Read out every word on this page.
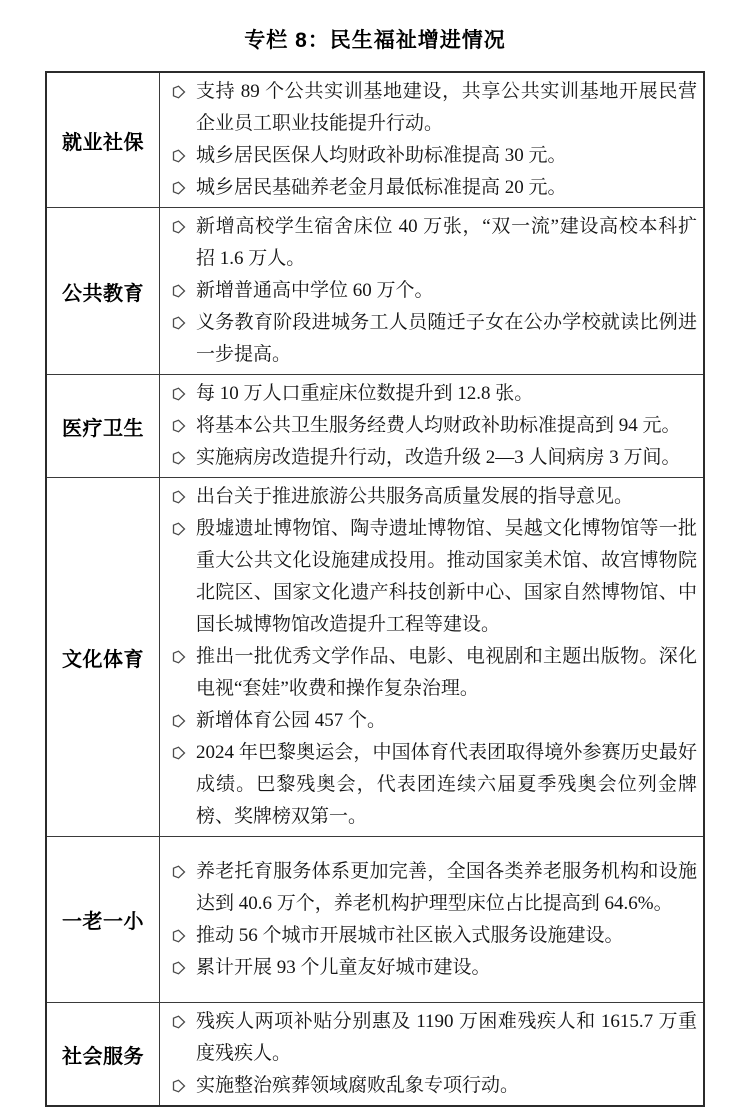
专栏 8：民生福祉增进情况
就业社保	支持 89 个公共实训基地建设，共享公共实训基地开展民营企业员工职业技能提升行动。
城乡居民医保人均财政补助标准提高 30 元。
城乡居民基础养老金月最低标准提高 20 元。

公共教育	新增高校学生宿舍床位 40 万张，“双一流”建设高校本科扩招 1.6 万人。
新增普通高中学位 60 万个。
义务教育阶段进城务工人员随迁子女在公办学校就读比例进一步提高。

医疗卫生	每 10 万人口重症床位数提升到 12.8 张。
将基本公共卫生服务经费人均财政补助标准提高到 94 元。
实施病房改造提升行动，改造升级 2—3 人间病房 3 万间。

文化体育	出台关于推进旅游公共服务高质量发展的指导意见。
殷墟遗址博物馆、陶寺遗址博物馆、吴越文化博物馆等一批重大公共文化设施建成投用。推动国家美术馆、故宫博物院北院区、国家文化遗产科技创新中心、国家自然博物馆、中国长城博物馆改造提升工程等建设。
推出一批优秀文学作品、电影、电视剧和主题出版物。深化电视“套娃”收费和操作复杂治理。
新增体育公园 457 个。
2024 年巴黎奥运会，中国体育代表团取得境外参赛历史最好成绩。巴黎残奥会，代表团连续六届夏季残奥会位列金牌榜、奖牌榜双第一。

一老一小	养老托育服务体系更加完善，全国各类养老服务机构和设施达到 40.6 万个，养老机构护理型床位占比提高到 64.6%。
推动 56 个城市开展城市社区嵌入式服务设施建设。
累计开展 93 个儿童友好城市建设。

社会服务	残疾人两项补贴分别惠及 1190 万困难残疾人和 1615.7 万重度残疾人。
实施整治殡葬领域腐败乱象专项行动。
